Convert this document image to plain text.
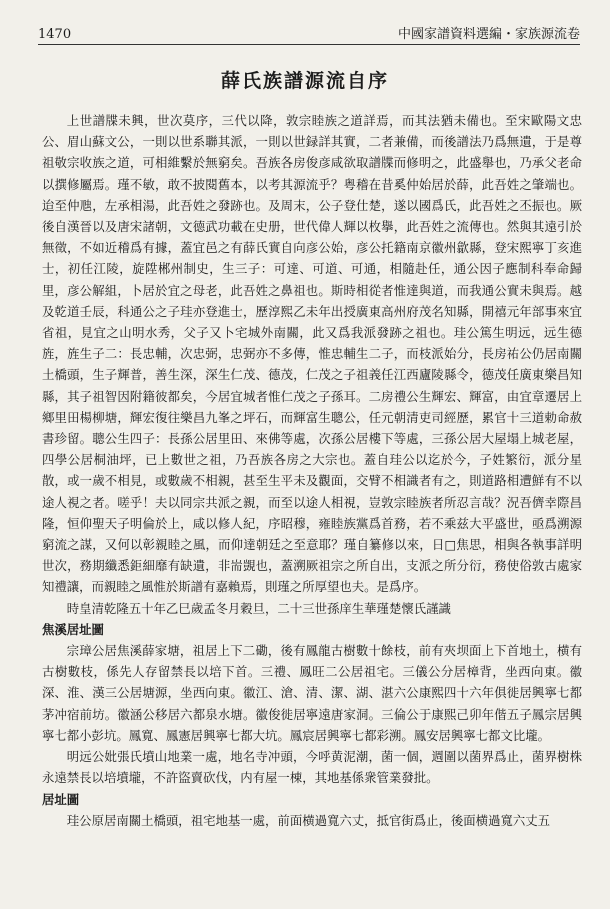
1470	中國家譜資料選編・家族源流卷
薛氏族譜源流自序

上世譜牒未興，世次莫序，三代以降，敦宗睦族之道詳焉，而其法猶未備也。至宋歐陽文忠公、眉山蘇文公，一則以世系聯其派，一則以世録詳其實，二者兼備，而後譜法乃爲無遺，于是尊祖敬宗收族之道，可相維繫於無窮矣。吾族各房俊彦咸欲取譜牒而修明之，此盛舉也，乃承父老命以撰修屬焉。瑾不敏，敢不披閱舊本，以考其源流乎？粤稽在昔奚仲始居於薛，此吾姓之肇端也。迨至仲虺，左承相湯，此吾姓之發跡也。及周末，公子登仕楚，遂以國爲氏，此吾姓之丕振也。厥後自漢晉以及唐宋諸朝，文德武功載在史册，世代偉人輝以枚擧，此吾姓之流傳也。然與其遠引於無徵，不如近稽爲有據，蓋宜邑之有薛氏實自向彦公始，彦公托籍南京徽州歙縣，登宋熙寧丁亥進士，初任江陵，旋陞郴州制史，生三子：可達、可道、可通，相隨赴任，通公因子應制科奉命歸里，彦公解組，卜居於宜之母老，此吾姓之鼻祖也。斯時相從者惟達與道，而我通公實未與焉。越及乾道壬辰，科通公之子珪亦登進士，歷淳熙乙未年出授廣東高州府茂名知縣，開禧元年部事來宜省祖，見宜之山明水秀，父子又卜宅城外南關，此又爲我派發跡之祖也。珪公篤生明远，远生德旌，旌生子二：長忠輔，次忠弼，忠弼亦不多傳，惟忠輔生二子，而枝派始分，長房祐公仍居南關土橋頭，生子輝普，善生深，深生仁茂、德茂，仁茂之子祖義任江西廬陵縣令，德茂任廣東樂昌知縣，其子祖智因附籍彼都矣，今居宜城者惟仁茂之子孫耳。二房禮公生輝宏、輝富，由宜章遷居上鄉里田楊柳塘，輝宏復往樂昌九峯之坪石，而輝富生聰公，任元朝清吏司經歷，累官十三道勅命赦書珍留。聰公生四子：長孫公居里田、來佛等處，次孫公居樓下等處，三孫公居大屋塌上城老屋，四學公居桐油坪，已上數世之祖，乃吾族各房之大宗也。蓋自珪公以迄於今，子姓繁衍，派分星散，或一歲不相見，或數歲不相親，甚至生平未及觀面，交臂不相識者有之，則道路相遭鮮有不以途人視之者。嗟乎！夫以同宗共派之親，而至以途人相視，豈敦宗睦族者所忍言哉？況吾儕幸際昌隆，恒仰聖天子明倫於上，咸以修人紀，序昭穆，雍睦族黨爲首務，若不乘兹大平盛世，亟爲溯源窮流之謀，又何以彰親睦之風，而仰達朝廷之至意耶？瑾自纂修以來，日□焦思，相與各執事詳明世次，務期纖悉鉅細靡有缺遺，非耑覬也，蓋溯厥祖宗之所自出，支派之所分衍，務使俗敦古處家知禮讓，而親睦之風惟於斯譜有嘉賴焉，則瑾之所厚望也夫。是爲序。

時皇清乾隆五十年乙巳歲孟冬月穀旦，二十三世孫庠生華瑾楚懷氏謹識

焦溪居址圖

宗璋公居焦溪薛家塘，祖居上下二磡，後有鳳龍古樹數十餘枝，前有夾坝面上下首地土，横有古樹數枝，係先人存留禁長以培下首。三禮、鳳旺二公居祖宅。三儀公分居樟背，坐西向東。徽深、淮、漢三公居塘源，坐西向東。徽江、滄、清、潔、湖、湛六公康熙四十六年俱徙居興寧七都茅冲宿前坊。徽涵公移居六都泉水塘。徽俊徙居寧遠唐家洞。三倫公于康熙己卯年偕五子鳳宗居興寧七都小彭坑。鳳寬、鳳憲居興寧七都大坑。鳳宸居興寧七都彩溯。鳳安居興寧七都文比壠。

明远公妣張氏墳山地業一處，地名寺冲頭，今呼黄泥潮，菌一個，週圍以菌界爲止，菌界樹株永遠禁長以培墳壠，不許盜賣砍伐，内有屋一棟，其地基係衆管業發批。

居址圖

珪公原居南關土橋頭，祖宅地基一處，前面横過寬六丈，抵官街爲止，後面横過寬六丈五
